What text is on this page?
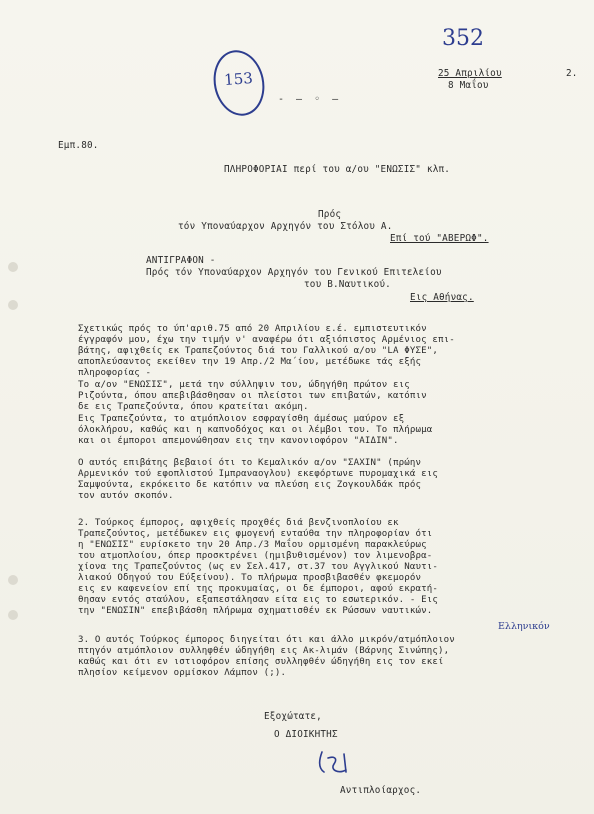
352
153	25 Απριλίου
8 Μαΐου
2.
- – ◦ –
Εμπ.80.
ΠΛΗΡΟΦΟΡΙΑΙ περί του α/ου "ΕΝΩΣΙΣ" κλπ.
Πρός
τόν Υποναύαρχον Αρχηγόν του Στόλου Α.
Επί τού "ΑΒΕΡΩΦ".
ΑΝΤΙΓΡΑΦΟΝ -
Πρός τόν Υποναύαρχον Αρχηγόν του Γενικού Επιτελείου
του Β.Ναυτικού.
Εις Αθήνας.

Σχετικώς πρός το ύπ'αριθ.75 από 20 Απριλίου ε.έ. εμπιστευτικόν

έγγραφόν μου, έχω την τιμήν ν' αναφέρω ότι αξιόπιστος Αρμένιος επι-

βάτης, αφιχθείς εκ Τραπεζούντος διά του Γαλλικού α/ου "LA ΦΥΣΕ",

αποπλεύσαντος εκείθεν την 19 Απρ./2 Μα΄ίου, μετέδωκε τάς εξής

πληροφορίας -

Το α/ον "ΕΝΩΣΙΣ", μετά την σύλληψιν του, ώδηγήθη πρώτον εις

Ριζούντα, όπου απεβιβάσθησαν οι πλείστοι των επιβατών, κατόπιν

δε εις Τραπεζούντα, όπου κρατείται ακόμη.

Εις Τραπεζούντα, το ατμόπλοιον εσφραγίσθη άμέσως μαύρον εξ

όλοκλήρου, καθώς και η καπνοδόχος και οι λέμβοι του. Το πλήρωμα

και οι έμποροι απεμονώθησαν εις την κανονιοφόρον "ΑΙΔΙΝ".

Ο αυτός επιβάτης βεβαιοί ότι το Κεμαλικόν α/ον "ΣΑΧΙΝ" (πρώην

Αρμενικόν τού εφοπλιστού Ιμπραναογλου) εκεφόρτωνε πυρομαχικά εις

Σαμψούντα, εκρόκειτο δε κατόπιν να πλεύση εις Ζογκουλδάκ πρός

τον αυτόν σκοπόν.

2. Τούρκος έμπορος, αφιχθείς προχθές διά βενζινοπλοίου εκ

Τραπεζούντος, μετέδωκεν εις φμογενή ενταύθα την πληροφορίαν ότι

η "ΕΝΩΣΙΣ" ευρίσκετο την 20 Απρ./3 Μαΐου ορμισμένη παρακλεύρως

του ατμοπλοίου, όπερ προσκτρένει (ημιβυθισμένον) τον λιμενοβρα-

χίονα της Τραπεζούντος (ως εν Σελ.417, στ.37 του Αγγλικού Ναυτι-

λιακού Οδηγού του Εύξείνου). Το πλήρωμα προσβιβασθέν φκεμορόν

εις εν καφενείον επί της προκυμαίας, οι δε έμποροι, αφού εκρατή-

θησαν εντός σταύλου, εξαπεστάλησαν είτα εις το εσωτερικόν. - Εις

την "ΕΝΩΣΙΝ" επεβιβάσθη πλήρωμα σχηματισθέν εκ Ρώσσων ναυτικών.

3. Ο αυτός Τούρκος έμπορος διηγείται ότι και άλλο μικρόν/ατμόπλοιον

πτηγόν ατμόπλοιον συλληφθέν ώδηγήθη εις Ακ-λιμάν (Βάρνης Σινώπης),

καθώς και ότι εν ιστιοφόρον επίσης συλληφθέν ώδηγήθη εις τον εκεί

πλησίον κείμενον ορμίσκον Λάμπον (;).

Ελληνικόν
Εξοχώτατε,
Ο ΔΙΟΙΚΗΤΗΣ
Αντιπλοίαρχος.
